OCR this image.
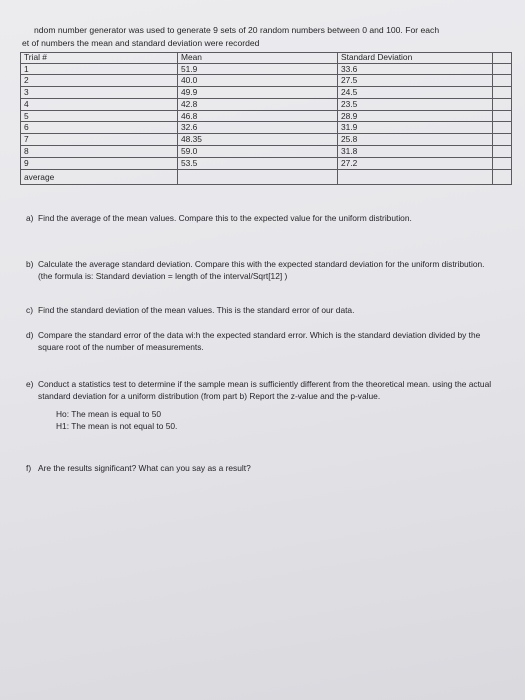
ndom number generator was used to generate 9 sets of 20 random numbers between 0 and 100. For each
et of numbers the mean and standard deviation were recorded
Trial #	Mean	Standard Deviation	
1	51.9	33.6	
2	40.0	27.5	
3	49.9	24.5	
4	42.8	23.5	
5	46.8	28.9	
6	32.6	31.9	
7	48.35	25.8	
8	59.0	31.8	
9	53.5	27.2	
average			
a) Find the average of the mean values. Compare this to the expected value for the uniform distribution.
b) Calculate the average standard deviation. Compare this with the expected standard deviation for the uniform distribution. (the formula is: Standard deviation = length of the interval/Sqrt[12] )
c) Find the standard deviation of the mean values. This is the standard error of our data.
d) Compare the standard error of the data wi:h the expected standard error. Which is the standard deviation divided by the square root of the number of measurements.
e) Conduct a statistics test to determine if the sample mean is sufficiently different from the theoretical mean. using the actual standard deviation for a uniform distribution (from part b) Report the z-value and the p-value.
Ho: The mean is equal to 50
H1: The mean is not equal to 50.
f) Are the results significant? What can you say as a result?
